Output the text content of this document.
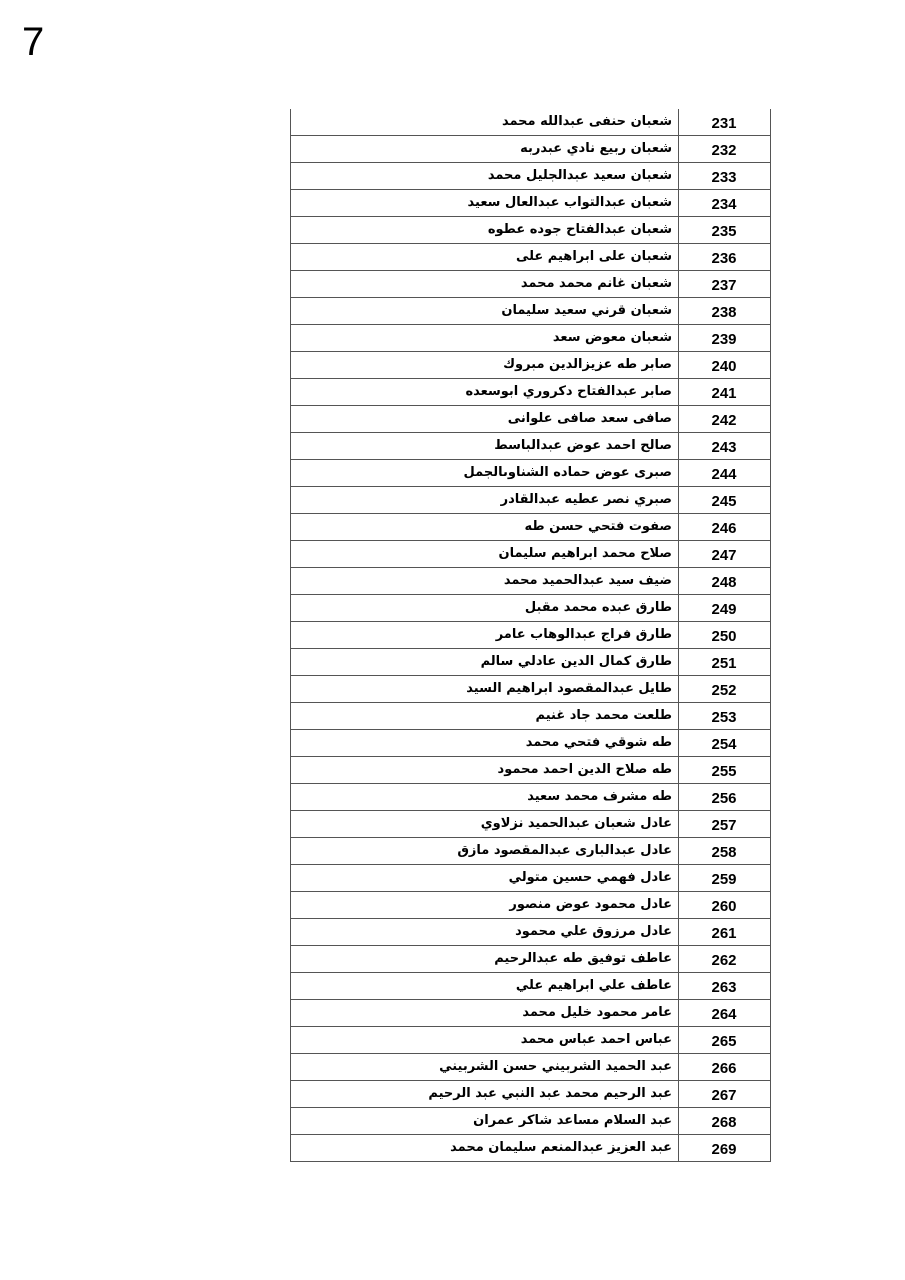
7
شعبان حنفى عبدالله محمد	231
شعبان ربيع نادي عبدربه	232
شعبان سعيد عبدالجليل محمد	233
شعبان عبدالتواب عبدالعال سعيد	234
شعبان عبدالفتاح جوده عطوه	235
شعبان على ابراهيم على	236
شعبان غانم محمد محمد	237
شعبان قرني سعيد سليمان	238
شعبان معوض سعد	239
صابر طه عزيزالدين مبروك	240
صابر عبدالفتاح دكروري ابوسعده	241
صافى سعد صافى علوانى	242
صالح احمد عوض عبدالباسط	243
صبرى عوض حماده الشناوىالجمل	244
صبري نصر عطيه عبدالقادر	245
صفوت فتحي حسن طه	246
صلاح محمد ابراهيم سليمان	247
ضيف سيد عبدالحميد محمد	248
طارق عبده محمد مقبل	249
طارق فراج عبدالوهاب عامر	250
طارق كمال الدين عادلي سالم	251
طايل عبدالمقصود ابراهيم السيد	252
طلعت محمد جاد غنيم	253
طه شوقي فتحي محمد	254
طه صلاح الدين احمد محمود	255
طه مشرف محمد سعيد	256
عادل شعبان عبدالحميد نزلاوي	257
عادل عبدالبارى عبدالمقصود مازق	258
عادل فهمي حسين متولي	259
عادل محمود عوض منصور	260
عادل مرزوق علي محمود	261
عاطف توفيق طه عبدالرحيم	262
عاطف علي ابراهيم علي	263
عامر محمود خليل محمد	264
عباس احمد عباس محمد	265
عبد الحميد الشربيني حسن الشربيني	266
عبد الرحيم محمد عبد النبي عبد الرحيم	267
عبد السلام مساعد شاكر عمران	268
عبد العزيز عبدالمنعم سليمان محمد	269
